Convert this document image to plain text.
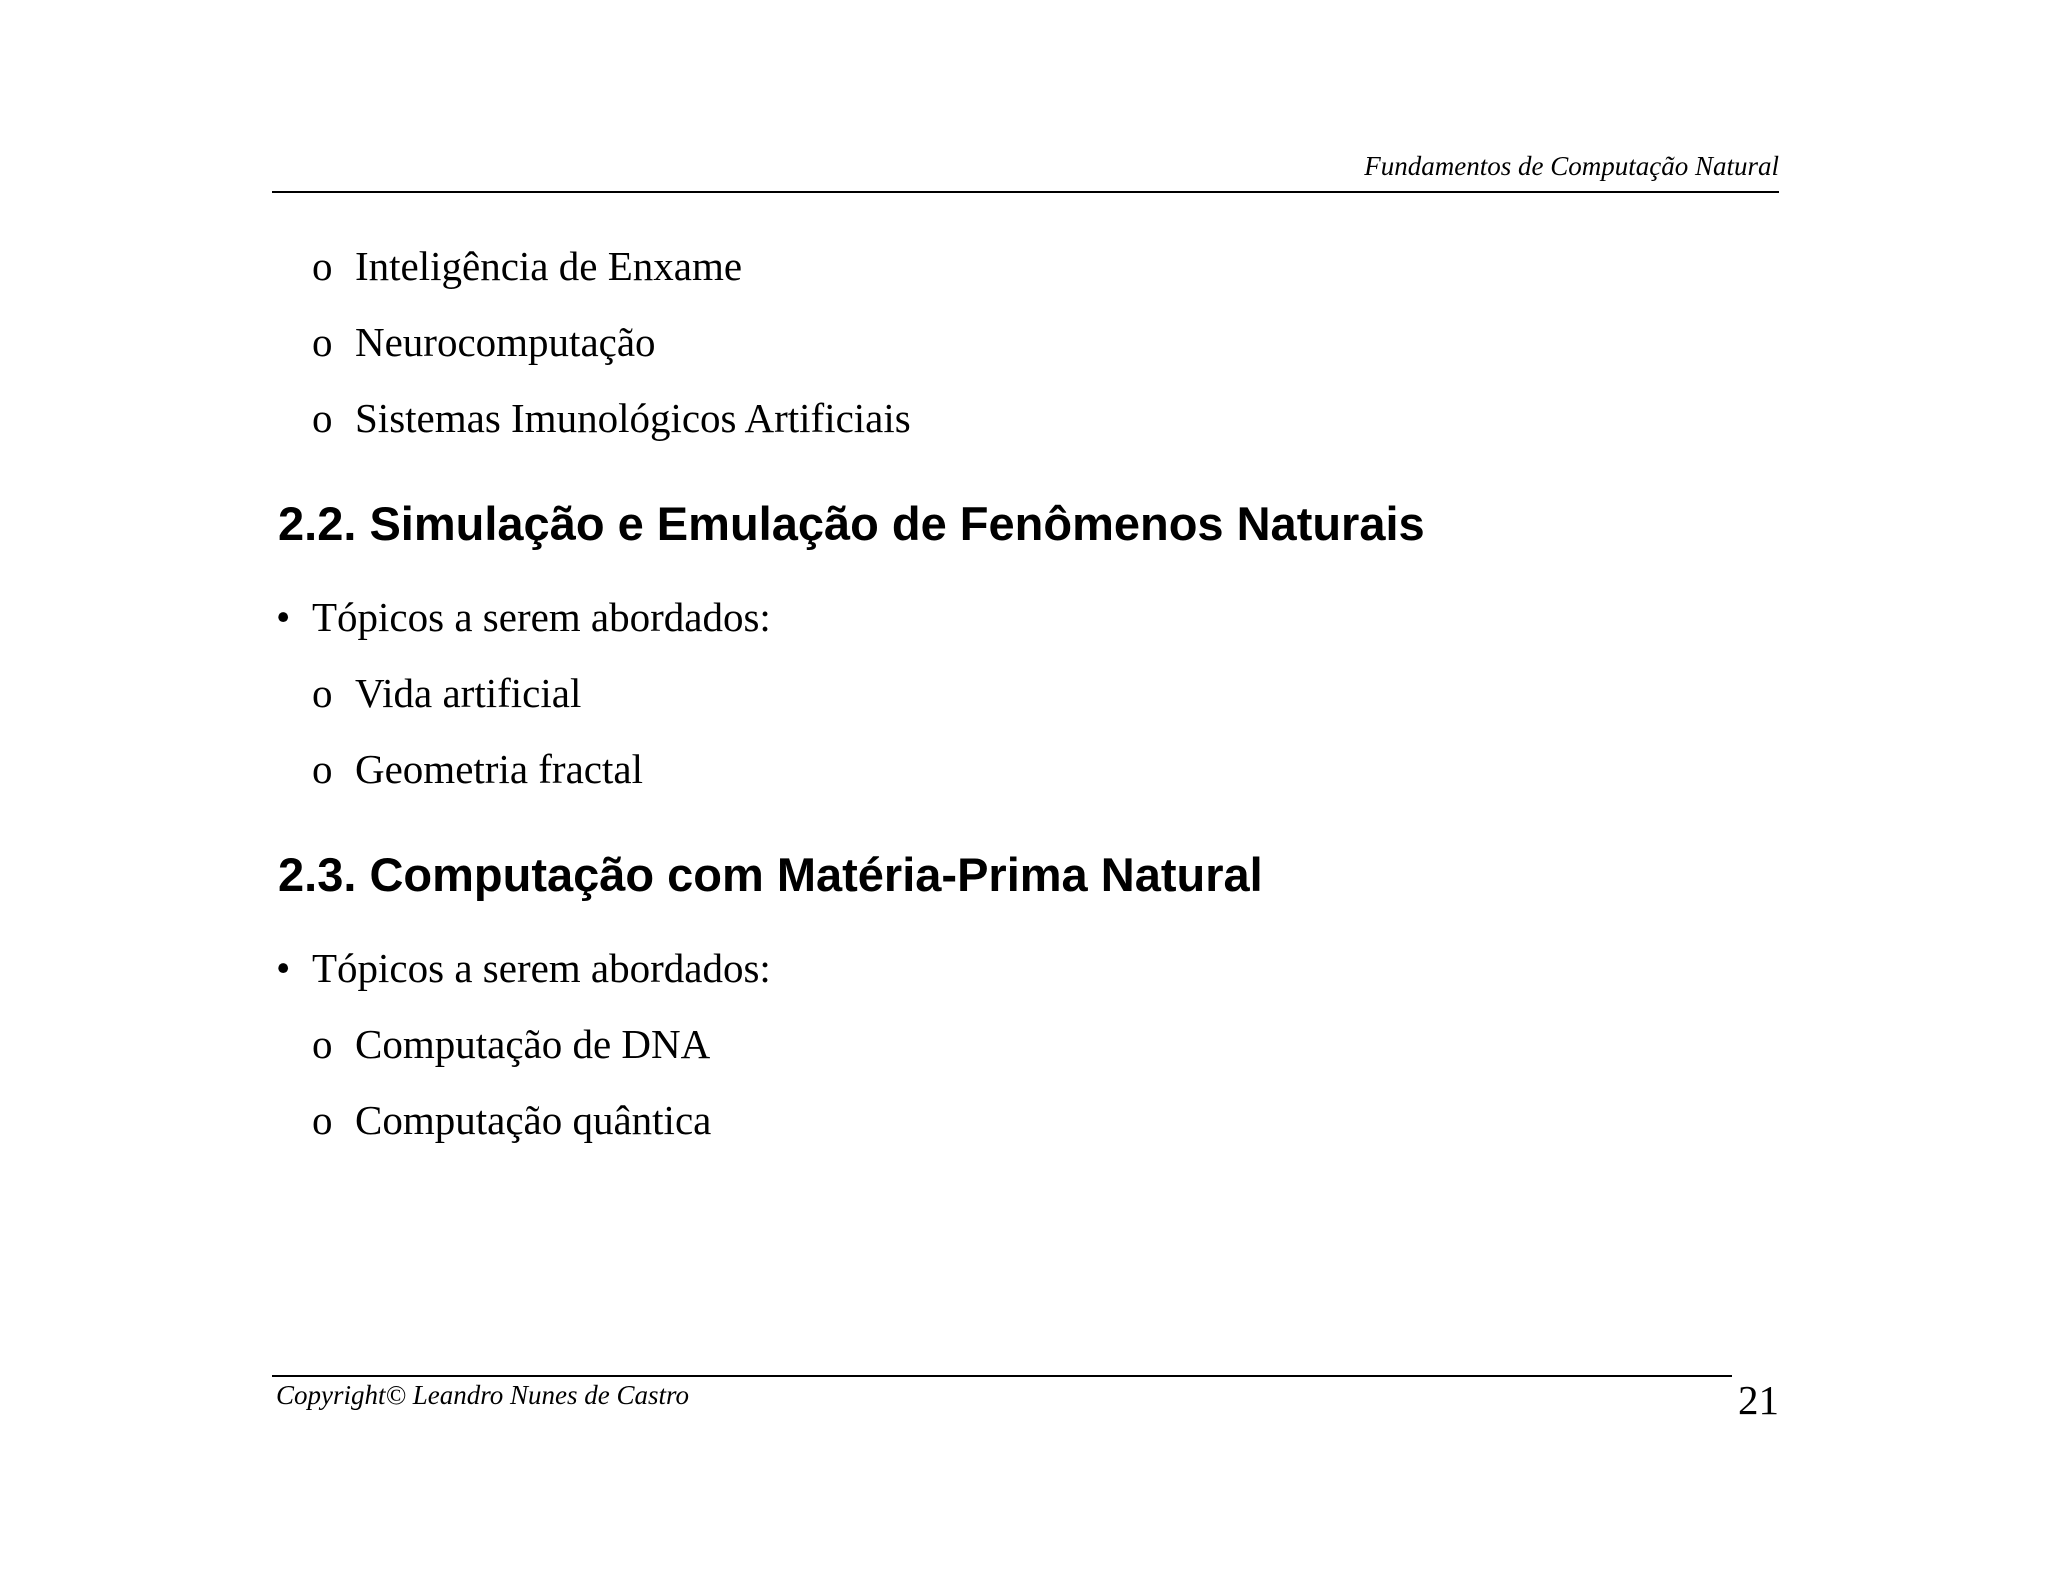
Fundamentos de Computação Natural
o Inteligência de Enxame
o Neurocomputação
o Sistemas Imunológicos Artificiais
2.2. Simulação e Emulação de Fenômenos Naturais
• Tópicos a serem abordados:
o Vida artificial
o Geometria fractal
2.3. Computação com Matéria-Prima Natural
• Tópicos a serem abordados:
o Computação de DNA
o Computação quântica
Copyright© Leandro Nunes de Castro	21
